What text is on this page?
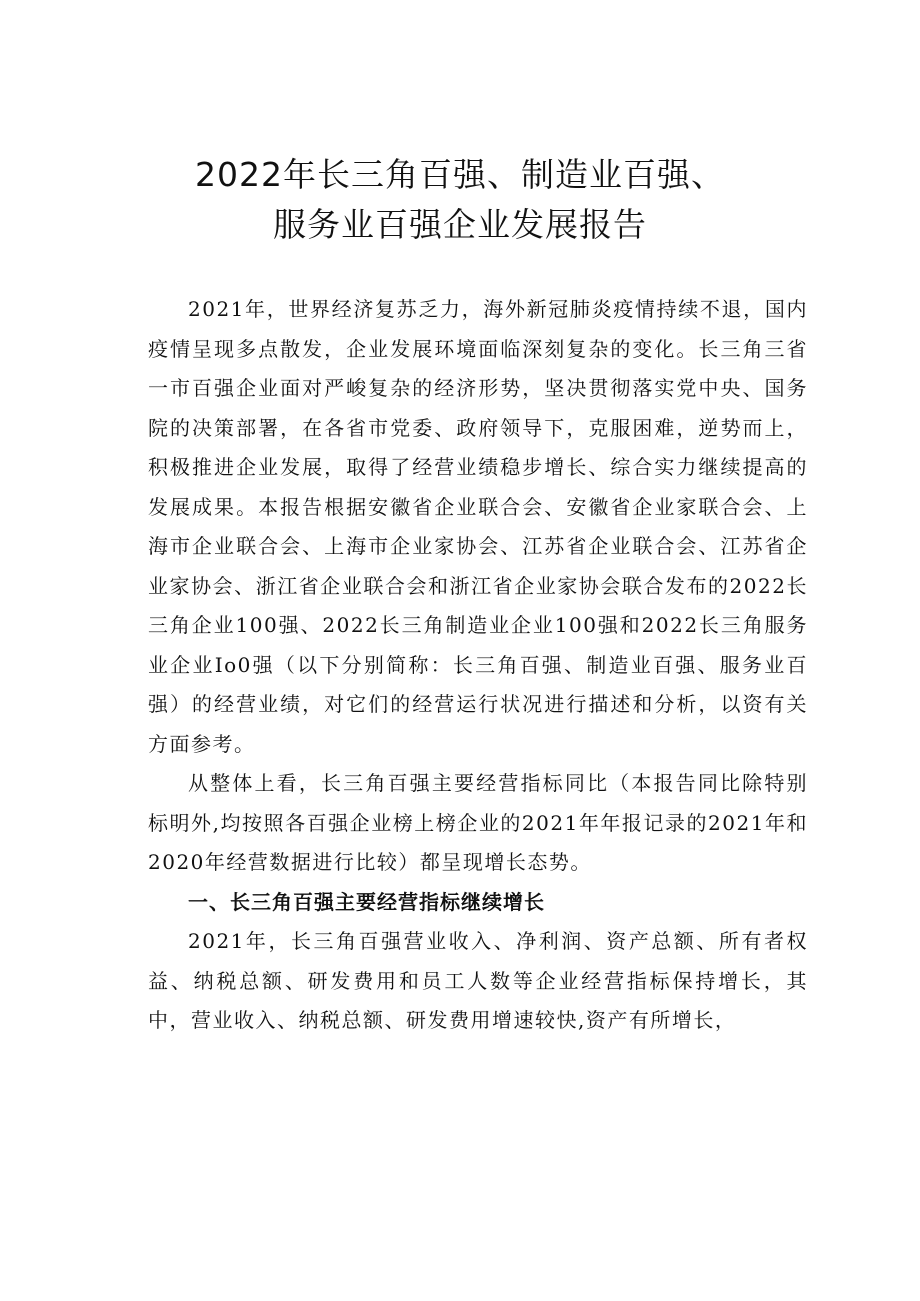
2022年长三角百强、制造业百强、
服务业百强企业发展报告

2021年，世界经济复苏乏力，海外新冠肺炎疫情持续不退，国内疫情呈现多点散发，企业发展环境面临深刻复杂的变化。长三角三省一市百强企业面对严峻复杂的经济形势，坚决贯彻落实党中央、国务院的决策部署，在各省市党委、政府领导下，克服困难，逆势而上，积极推进企业发展，取得了经营业绩稳步增长、综合实力继续提高的发展成果。本报告根据安徽省企业联合会、安徽省企业家联合会、上海市企业联合会、上海市企业家协会、江苏省企业联合会、江苏省企业家协会、浙江省企业联合会和浙江省企业家协会联合发布的2022长三角企业100强、2022长三角制造业企业100强和2022长三角服务业企业Io0强（以下分别简称：长三角百强、制造业百强、服务业百强）的经营业绩，对它们的经营运行状况进行描述和分析，以资有关方面参考。

从整体上看，长三角百强主要经营指标同比（本报告同比除特别标明外,均按照各百强企业榜上榜企业的2021年年报记录的2021年和2020年经营数据进行比较）都呈现增长态势。

一、长三角百强主要经营指标继续增长

2021年，长三角百强营业收入、净利润、资产总额、所有者权益、纳税总额、研发费用和员工人数等企业经营指标保持增长，其中，营业收入、纳税总额、研发费用增速较快,资产有所增长，
